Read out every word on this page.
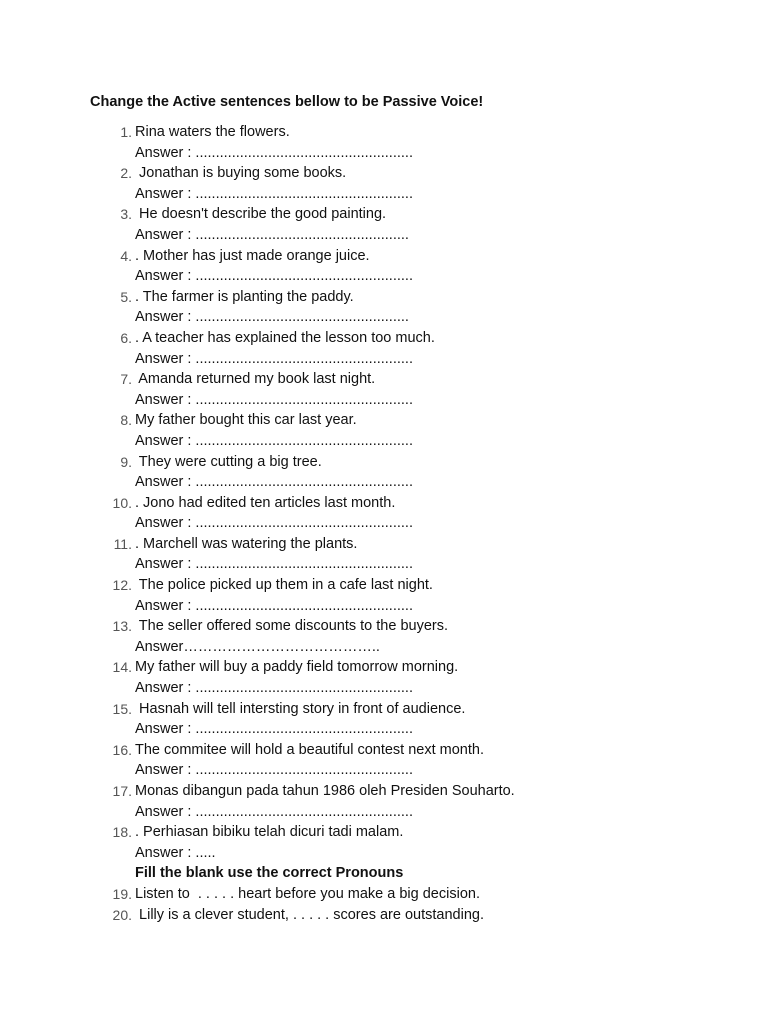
Change the Active sentences bellow to be Passive Voice!
1. Rina waters the flowers.
Answer : ......................................................
2. Jonathan is buying some books.
Answer : ......................................................
3. He doesn't describe the good painting.
Answer : .....................................................
4. . Mother has just made orange juice.
Answer : ......................................................
5. . The farmer is planting the paddy.
Answer : .....................................................
6. . A teacher has explained the lesson too much.
Answer : ......................................................
7. Amanda returned my book last night.
Answer : ......................................................
8. My father bought this car last year.
Answer : ......................................................
9. They were cutting a big tree.
Answer : ......................................................
10. . Jono had edited ten articles last month.
Answer : ......................................................
11. . Marchell was watering the plants.
Answer : ......................................................
12. The police picked up them in a cafe last night.
Answer : ......................................................
13. The seller offered some discounts to the buyers.
Answer…………………………………..
14. My father will buy a paddy field tomorrow morning.
Answer : ......................................................
15. Hasnah will tell intersting story in front of audience.
Answer : ......................................................
16. The commitee will hold a beautiful contest next month.
Answer : ......................................................
17. Monas dibangun pada tahun 1986 oleh Presiden Souharto.
Answer : ......................................................
18. . Perhiasan bibiku telah dicuri tadi malam.
Answer : .....
Fill the blank use the correct Pronouns
19. Listen to  . . . . . heart before you make a big decision.
20. Lilly is a clever student, . . . . . scores are outstanding.
